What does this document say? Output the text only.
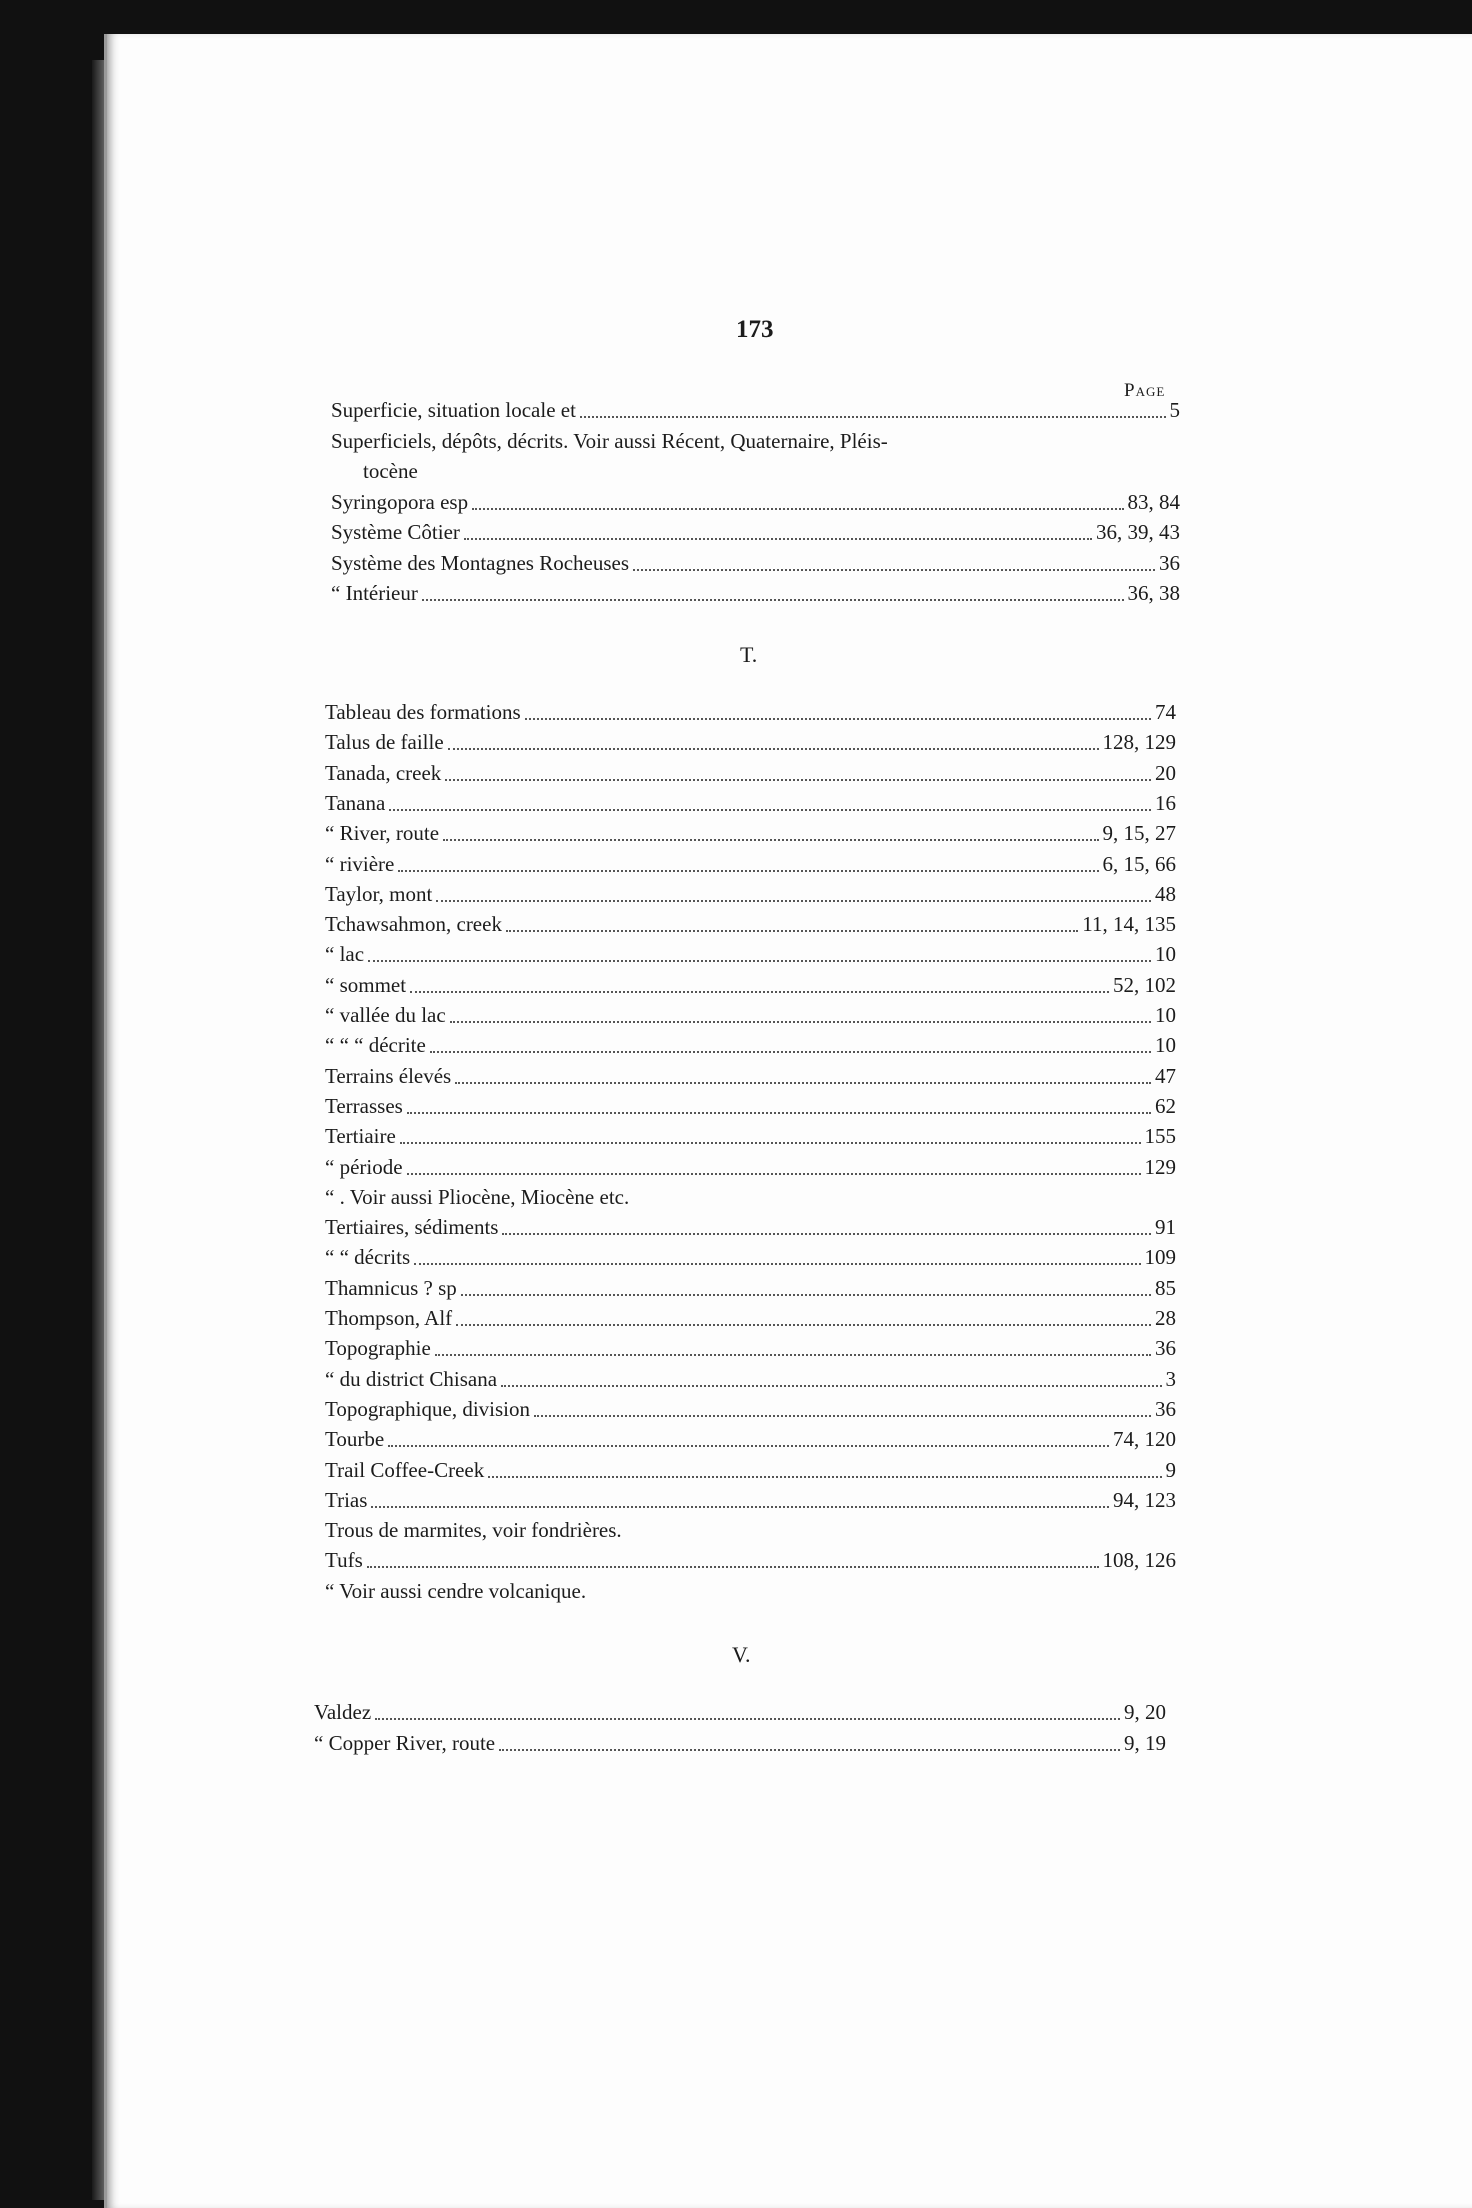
173
Page
Superficie, situation locale et	5
Superficiels, dépôts, décrits. Voir aussi Récent, Quaternaire, Pléis-
tocène
Syringopora esp	83, 84
Système Côtier	36, 39, 43
Système des Montagnes Rocheuses	36
“ Intérieur	36, 38
T.
Tableau des formations	74
Talus de faille	128, 129
Tanada, creek	20
Tanana	16
“ River, route	9, 15, 27
“ rivière	6, 15, 66
Taylor, mont	48
Tchawsahmon, creek	11, 14, 135
“ lac	10
“ sommet	52, 102
“ vallée du lac	10
“ “ “ décrite	10
Terrains élevés	47
Terrasses	62
Tertiaire	155
“ période	129
“ . Voir aussi Pliocène, Miocène etc.
Tertiaires, sédiments	91
“ “ décrits	109
Thamnicus ? sp	85
Thompson, Alf	28
Topographie	36
“ du district Chisana	3
Topographique, division	36
Tourbe	74, 120
Trail Coffee-Creek	9
Trias	94, 123
Trous de marmites, voir fondrières.
Tufs	108, 126
“ Voir aussi cendre volcanique.
V.
Valdez	9, 20
“ Copper River, route	9, 19
